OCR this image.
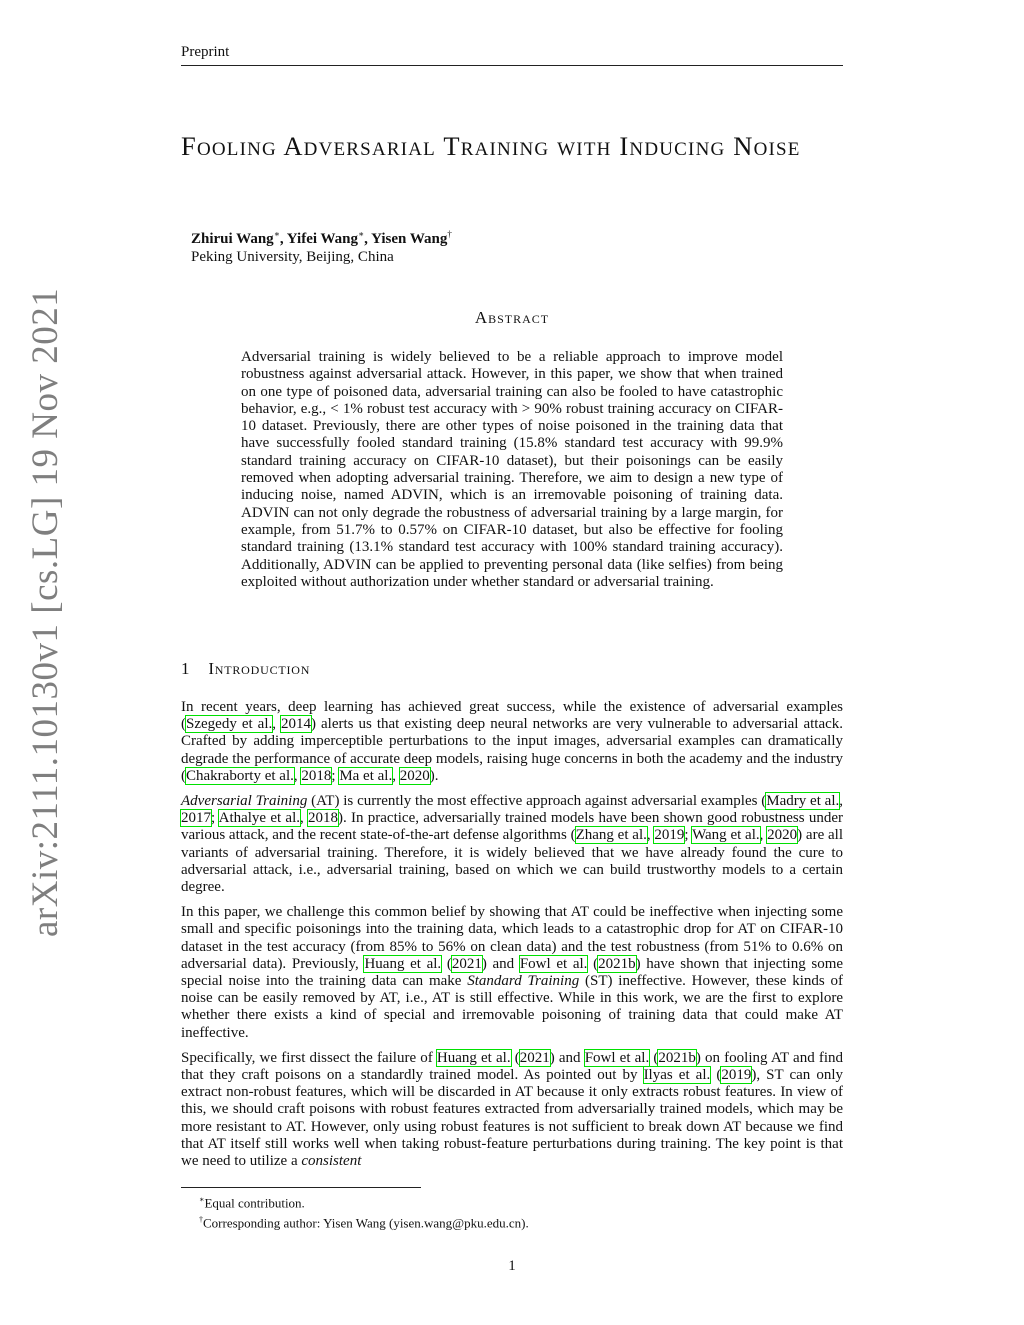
Preprint
arXiv:2111.10130v1 [cs.LG] 19 Nov 2021
Fooling Adversarial Training with Inducing Noise
Zhirui Wang∗, Yifei Wang∗, Yisen Wang†
Peking University, Beijing, China
Abstract

Adversarial training is widely believed to be a reliable approach to improve model robustness against adversarial attack. However, in this paper, we show that when trained on one type of poisoned data, adversarial training can also be fooled to have catastrophic behavior, e.g., < 1% robust test accuracy with > 90% robust training accuracy on CIFAR-10 dataset. Previously, there are other types of noise poisoned in the training data that have successfully fooled standard training (15.8% standard test accuracy with 99.9% standard training accuracy on CIFAR-10 dataset), but their poisonings can be easily removed when adopting adversarial training. Therefore, we aim to design a new type of inducing noise, named ADVIN, which is an irremovable poisoning of training data. ADVIN can not only degrade the robustness of adversarial training by a large margin, for example, from 51.7% to 0.57% on CIFAR-10 dataset, but also be effective for fooling standard training (13.1% standard test accuracy with 100% standard training accuracy). Additionally, ADVIN can be applied to preventing personal data (like selfies) from being exploited without authorization under whether standard or adversarial training.

1 Introduction

In recent years, deep learning has achieved great success, while the existence of adversarial examples (Szegedy et al., 2014) alerts us that existing deep neural networks are very vulnerable to adversarial attack. Crafted by adding imperceptible perturbations to the input images, adversarial examples can dramatically degrade the performance of accurate deep models, raising huge concerns in both the academy and the industry (Chakraborty et al., 2018; Ma et al., 2020).

Adversarial Training (AT) is currently the most effective approach against adversarial examples (Madry et al., 2017; Athalye et al., 2018). In practice, adversarially trained models have been shown good robustness under various attack, and the recent state-of-the-art defense algorithms (Zhang et al., 2019; Wang et al., 2020) are all variants of adversarial training. Therefore, it is widely believed that we have already found the cure to adversarial attack, i.e., adversarial training, based on which we can build trustworthy models to a certain degree.

In this paper, we challenge this common belief by showing that AT could be ineffective when injecting some small and specific poisonings into the training data, which leads to a catastrophic drop for AT on CIFAR-10 dataset in the test accuracy (from 85% to 56% on clean data) and the test robustness (from 51% to 0.6% on adversarial data). Previously, Huang et al. (2021) and Fowl et al. (2021b) have shown that injecting some special noise into the training data can make Standard Training (ST) ineffective. However, these kinds of noise can be easily removed by AT, i.e., AT is still effective. While in this work, we are the first to explore whether there exists a kind of special and irremovable poisoning of training data that could make AT ineffective.

Specifically, we first dissect the failure of Huang et al. (2021) and Fowl et al. (2021b) on fooling AT and find that they craft poisons on a standardly trained model. As pointed out by Ilyas et al. (2019), ST can only extract non-robust features, which will be discarded in AT because it only extracts robust features. In view of this, we should craft poisons with robust features extracted from adversarially trained models, which may be more resistant to AT. However, only using robust features is not sufficient to break down AT because we find that AT itself still works well when taking robust-feature perturbations during training. The key point is that we need to utilize a consistent

∗Equal contribution.
†Corresponding author: Yisen Wang (yisen.wang@pku.edu.cn).
1
